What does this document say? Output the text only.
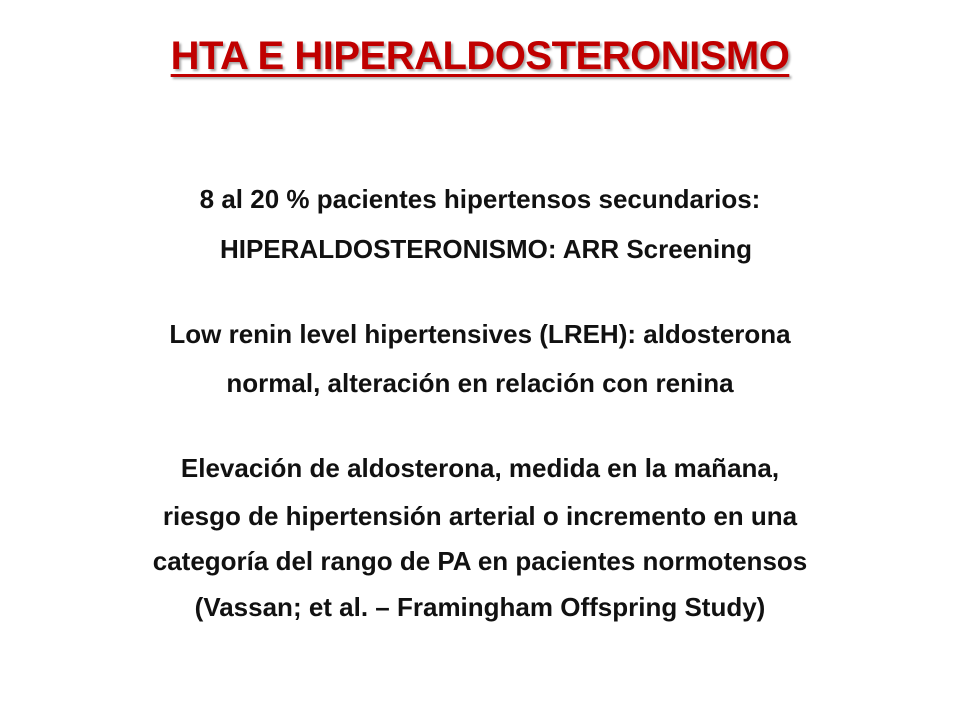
HTA E HIPERALDOSTERONISMO
8 al 20 % pacientes hipertensos secundarios:
HIPERALDOSTERONISMO: ARR Screening
Low renin level hipertensives (LREH): aldosterona
normal, alteración en relación con renina
Elevación de aldosterona, medida en la mañana,
riesgo de hipertensión arterial o incremento en una
categoría del rango de PA en pacientes normotensos
(Vassan; et al. – Framingham Offspring Study)
